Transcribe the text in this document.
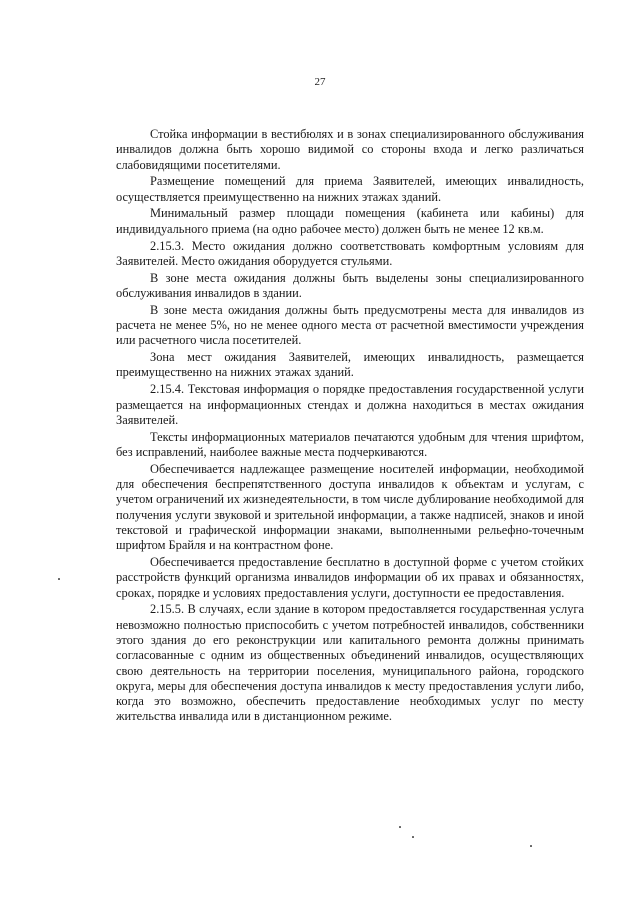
27

Стойка информации в вестибюлях и в зонах специализированного обслуживания инвалидов должна быть хорошо видимой со стороны входа и легко различаться слабовидящими посетителями.

Размещение помещений для приема Заявителей, имеющих инвалидность, осуществляется преимущественно на нижних этажах зданий.

Минимальный размер площади помещения (кабинета или кабины) для индивидуального приема (на одно рабочее место) должен быть не менее 12 кв.м.

2.15.3. Место ожидания должно соответствовать комфортным условиям для Заявителей. Место ожидания оборудуется стульями.

В зоне места ожидания должны быть выделены зоны специализированного обслуживания инвалидов в здании.

В зоне места ожидания должны быть предусмотрены места для инвалидов из расчета не менее 5%, но не менее одного места от расчетной вместимости учреждения или расчетного числа посетителей.

Зона мест ожидания Заявителей, имеющих инвалидность, размещается преимущественно на нижних этажах зданий.

2.15.4. Текстовая информация о порядке предоставления государственной услуги размещается на информационных стендах и должна находиться в местах ожидания Заявителей.

Тексты информационных материалов печатаются удобным для чтения шрифтом, без исправлений, наиболее важные места подчеркиваются.

Обеспечивается надлежащее размещение носителей информации, необходимой для обеспечения беспрепятственного доступа инвалидов к объектам и услугам, с учетом ограничений их жизнедеятельности, в том числе дублирование необходимой для получения услуги звуковой и зрительной информации, а также надписей, знаков и иной текстовой и графической информации знаками, выполненными рельефно-точечным шрифтом Брайля и на контрастном фоне.

Обеспечивается предоставление бесплатно в доступной форме с учетом стойких расстройств функций организма инвалидов информации об их правах и обязанностях, сроках, порядке и условиях предоставления услуги, доступности ее предоставления.

2.15.5. В случаях, если здание в котором предоставляется государственная услуга невозможно полностью приспособить с учетом потребностей инвалидов, собственники этого здания до его реконструкции или капитального ремонта должны принимать согласованные с одним из общественных объединений инвалидов, осуществляющих свою деятельность на территории поселения, муниципального района, городского округа, меры для обеспечения доступа инвалидов к месту предоставления услуги либо, когда это возможно, обеспечить предоставление необходимых услуг по месту жительства инвалида или в дистанционном режиме.
